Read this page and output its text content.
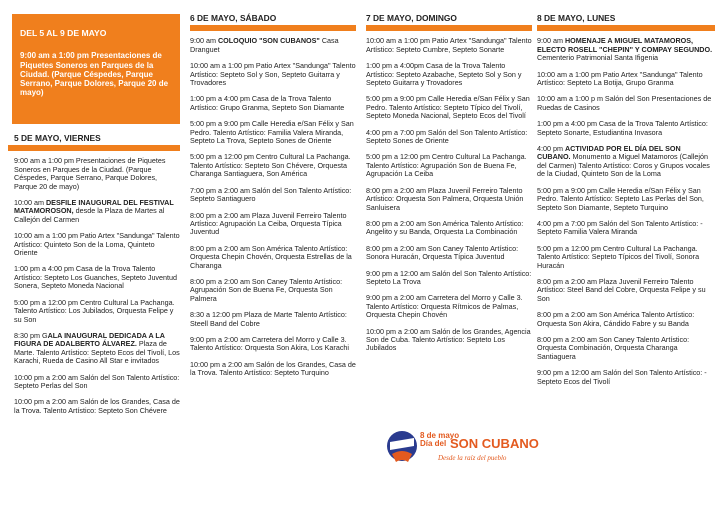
DEL 5 AL 9 DE MAYO
9:00 am a 1:00 pm Presentaciones de Piquetes Soneros en Parques de la Ciudad. (Parque Céspedes, Parque Serrano, Parque Dolores, Parque 20 de mayo)
5 DE MAYO, VIERNES
9:00 am a 1:00 pm Presentaciones de Piquetes Soneros en Parques de la Ciudad. (Parque Céspedes, Parque Serrano, Parque Dolores, Parque 20 de mayo)
10:00 am DESFILE INAUGURAL DEL FESTIVAL MATAMOROSON, desde la Plaza de Martes al Callejón del Carmen
10:00 am a 1:00 pm Patio Artex "Sandunga" Talento Artístico: Quinteto Son de la Loma, Quinteto Oriente
1:00 pm a 4:00 pm Casa de la Trova Talento Artístico: Septeto Los Guanches, Septeto Juventud Sonera, Septeto Moneda Nacional
5:00 pm a 12:00 pm Centro Cultural La Pachanga. Talento Artístico: Los Jubilados, Orquesta Felipe y su Son
8:30 pm GALA INAUGURAL DEDICADA A LA FIGURA DE ADALBERTO ÁLVAREZ. Plaza de Marte. Talento Artístico: Septeto Ecos del Tivolí, Los Karachi, Rueda de Casino All Star e invitados
10:00 pm a 2:00 am Salón del Son Talento Artístico: Septeto Perlas del Son
10:00 pm a 2:00 am Salón de los Grandes, Casa de la Trova. Talento Artístico: Septeto Son Chévere
6 DE MAYO, SÁBADO
9:00 am COLOQUIO "SON CUBANOS" Casa Dranguet
10:00 am a 1:00 pm Patio Artex "Sandunga" Talento Artístico: Septeto Sol y Son, Septeto Guitarra y Trovadores
1:00 pm a 4:00 pm Casa de la Trova Talento Artístico: Grupo Granma, Septeto Son Diamante
5:00 pm a 9:00 pm Calle Heredia e/San Félix y San Pedro. Talento Artístico: Familia Valera Miranda, Septeto La Trova, Septeto Sones de Oriente
5:00 pm a 12:00 pm Centro Cultural La Pachanga. Talento Artístico: Septeto Son Chévere, Orquesta Charanga Santiaguera, Son América
7:00 pm a 2:00 am Salón del Son Talento Artístico: Septeto Santiaguero
8:00 pm a 2:00 am Plaza Juvenil Ferreiro Talento Artístico: Agrupación La Ceiba, Orquesta Típica Juventud
8:00 pm a 2:00 am Son América Talento Artístico: Orquesta Chepin Chovén, Orquesta Estrellas de la Charanga
8:00 pm a 2:00 am Son Caney Talento Artístico: Agrupación Son de Buena Fe, Orquesta Son Palmera
8:30 a 12:00 pm Plaza de Marte Talento Artístico: Steell Band del Cobre
9:00 pm a 2:00 am Carretera del Morro y Calle 3. Talento Artístico: Orquesta Son Akira, Los Karachi
10:00 pm a 2:00 am Salón de los Grandes, Casa de la Trova. Talento Artístico: Septeto Turquino
7 DE MAYO, DOMINGO
10:00 am a 1:00 pm Patio Artex "Sandunga" Talento Artístico: Septeto Cumbre, Septeto Sonarte
1:00 pm a 4:00pm Casa de la Trova Talento Artístico: Septeto Azabache, Septeto Sol y Son y Septeto Guitarra y Trovadores
5:00 pm a 9:00 pm Calle Heredia e/San Félix y San Pedro. Talento Artístico: Septeto Típico del Tivolí, Septeto Moneda Nacional, Septeto Ecos del Tivolí
4:00 pm a 7:00 pm Salón del Son Talento Artístico: Septeto Sones de Oriente
5:00 pm a 12:00 pm Centro Cultural La Pachanga. Talento Artístico: Agrupación Son de Buena Fe, Agrupación La Ceiba
8:00 pm a 2:00 am Plaza Juvenil Ferreiro Talento Artístico: Orquesta Son Palmera, Orquesta Unión Sanluisera
8:00 pm a 2:00 am Son América Talento Artístico: Angelito y su Banda, Orquesta La Combinación
8:00 pm a 2:00 am Son Caney Talento Artístico: Sonora Huracán, Orquesta Típica Juventud
9:00 pm a 12:00 am Salón del Son Talento Artístico: Septeto La Trova
9:00 pm a 2:00 am Carretera del Morro y Calle 3. Talento Artístico: Orquesta Rítmicos de Palmas, Orquesta Chepin Chovén
10:00 pm a 2:00 am Salón de los Grandes, Agencia Son de Cuba. Talento Artístico: Septeto Los Jubilados
8 DE MAYO, LUNES
9:00 am HOMENAJE A MIGUEL MATAMOROS, ELECTO ROSELL "CHEPIN" Y COMPAY SEGUNDO. Cementerio Patrimonial Santa Ifigenia
10:00 am a 1:00 pm Patio Artex "Sandunga" Talento Artístico: Septeto La Botija, Grupo Granma
10:00 am a 1:00 p m Salón del Son Presentaciones de Ruedas de Casinos
1:00 pm a 4:00 pm Casa de la Trova Talento Artístico: Septeto Sonarte, Estudiantina Invasora
4:00 pm ACTIVIDAD POR EL DÍA DEL SON CUBANO. Monumento a Miguel Matamoros (Callejón del Carmen) Talento Artístico: Coros y Grupos vocales de la Ciudad, Quinteto Son de la Loma
5:00 pm a 9:00 pm Calle Heredia e/San Félix y San Pedro. Talento Artístico: Septeto Las Perlas del Son, Septeto Son Diamante, Septeto Turquino
4:00 pm a 7:00 pm Salón del Son Talento Artístico: - Septeto Familia Valera Miranda
5:00 pm a 12:00 pm Centro Cultural La Pachanga. Talento Artístico: Septeto Típicos del Tivolí, Sonora Huracán
8:00 pm a 2:00 am Plaza Juvenil Ferreiro Talento Artístico: Steel Band del Cobre, Orquesta Felipe y su Son
8:00 pm a 2:00 am Son América Talento Artístico: Orquesta Son Akira, Cándido Fabre y su Banda
8:00 pm a 2:00 am Son Caney Talento Artístico: Orquesta Combinación, Orquesta Charanga Santiaguera
9:00 pm a 12:00 am Salón del Son Talento Artístico: -Septeto Ecos del Tivolí
8 de mayo
Día del SON CUBANO
Desde la raíz del pueblo
